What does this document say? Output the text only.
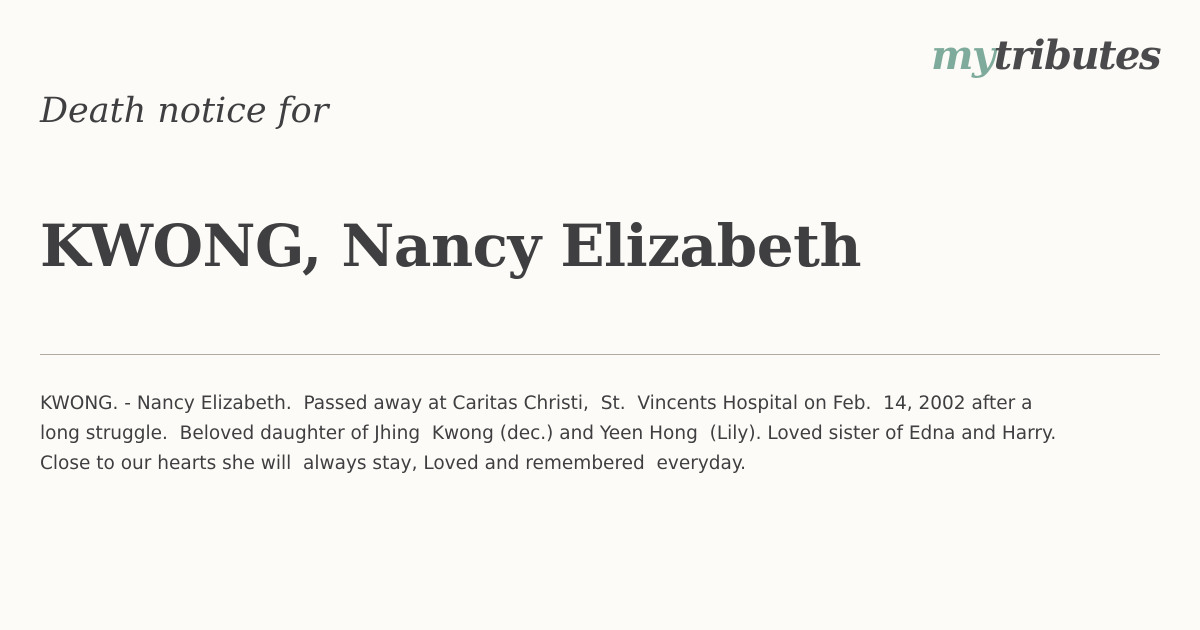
mytributes
Death notice for
KWONG, Nancy Elizabeth

KWONG. - Nancy Elizabeth.  Passed away at Caritas Christi,  St.  Vincents Hospital on Feb.  14, 2002 after a
long struggle.  Beloved daughter of Jhing  Kwong (dec.) and Yeen Hong  (Lily). Loved sister of Edna and Harry.
Close to our hearts she will  always stay, Loved and remembered  everyday.
